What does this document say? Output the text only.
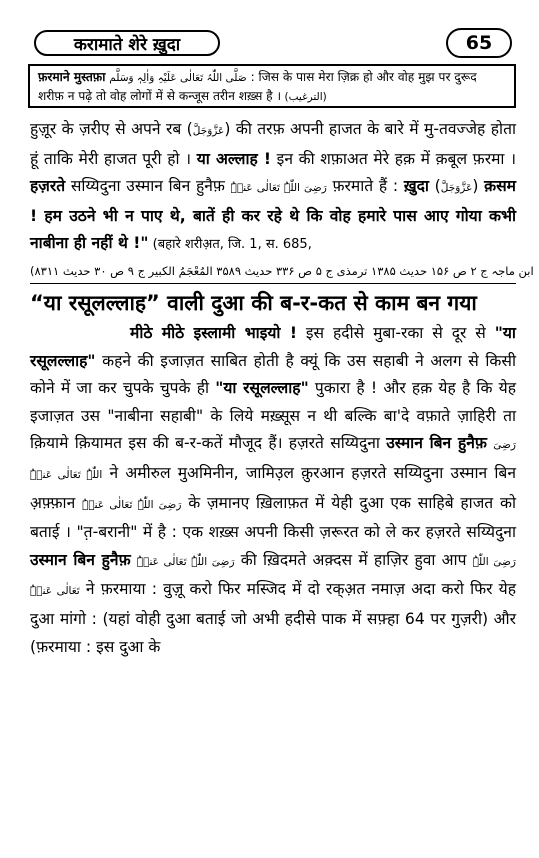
करामाते शेरे ख़ुदा	65
फ़रमाने मुस्तफ़ा صَلَّی اللّٰہُ تَعَالٰی عَلَیْہِ وَاٰلِہٖ وَسَلَّم : जिस के पास मेरा ज़िक्र हो और वोह मुझ पर दुरूद शरीफ़ न पढ़े तो वोह लोगों में से कन्जूस तरीन शख़्स है । (الترغیب)

हुज़ूर के ज़रीए से अपने रब (عَزَّوَجَلَّ) की तरफ़ अपनी हाजत के बारे में मु-तवज्जेह होता हूं ताकि मेरी हाजत पूरी हो । या अल्लाह ! इन की शफ़ाअत मेरे हक़ में क़बूल फ़रमा । हज़रते सय्यिदुना उस्मान बिन हुनैफ़ رَضِیَ اللّٰہُ تَعَالٰی عَنۡہُ फ़रमाते हैं : ख़ुदा (عَزَّوَجَلَّ) क़सम ! हम उठने भी न पाए थे, बातें ही कर रहे थे कि वोह हमारे पास आए गोया कभी नाबीना ही नहीं थे !" (बहारे शरीअ़त, जि. 1, स. 685,

(ابن ماجہ ج ۲ ص ۱۵۶ حدیث ۱۳۸۵ ترمذی ج ۵ ص ۳۳۶ حدیث ۳۵۸۹ المُعْجَمُ الکبیر ج ۹ ص ۳۰ حدیث ۸۳۱۱
“या रसूलल्लाह” वाली दुआ की ब-र-कत से काम बन गया

मीठे मीठे इस्लामी भाइयो ! इस हदीसे मुबा-रका से दूर से "या रसूलल्लाह" कहने की इजाज़त साबित होती है क्यूं कि उस सहाबी ने अलग से किसी कोने में जा कर चुपके चुपके ही "या रसूलल्लाह" पुकारा है ! और हक़ येह है कि येह इजाज़त उस "नाबीना सहाबी" के लिये मख़्सूस न थी बल्कि बा'दे वफ़ाते ज़ाहिरी ता क़ियामे क़ियामत इस की ब-र-कतें मौजूद हैं। हज़रते सय्यिदुना उस्मान बिन हुनैफ़ رَضِیَ اللّٰہُ تَعَالٰی عَنۡہُ ने अमीरुल मुअमिनीन, जामिउ़ल क़ुरआन हज़रते सय्यिदुना उस्मान बिन अ़फ़्फ़ान رَضِیَ اللّٰہُ تَعَالٰی عَنۡہُ के ज़मानए ख़िलाफ़त में येही दुआ एक साहिबे हाजत को बताई । "त़-बरानी" में है : एक शख़्स अपनी किसी ज़रूरत को ले कर हज़रते सय्यिदुना उस्मान बिन हुनैफ़ رَضِیَ اللّٰہُ تَعَالٰی عَنۡہُ की ख़िदमते अक़्दस में हाज़िर हुवा आप رَضِیَ اللّٰہُ تَعَالٰی عَنۡہُ ने फ़रमाया : वुज़ू करो फिर मस्जिद में दो रक्अ़त नमाज़ अदा करो फिर येह दुआ मांगो : (यहां वोही दुआ बताई जो अभी हदीसे पाक में सफ़्हा 64 पर गुज़री) और (फ़रमाया : इस दुआ के
